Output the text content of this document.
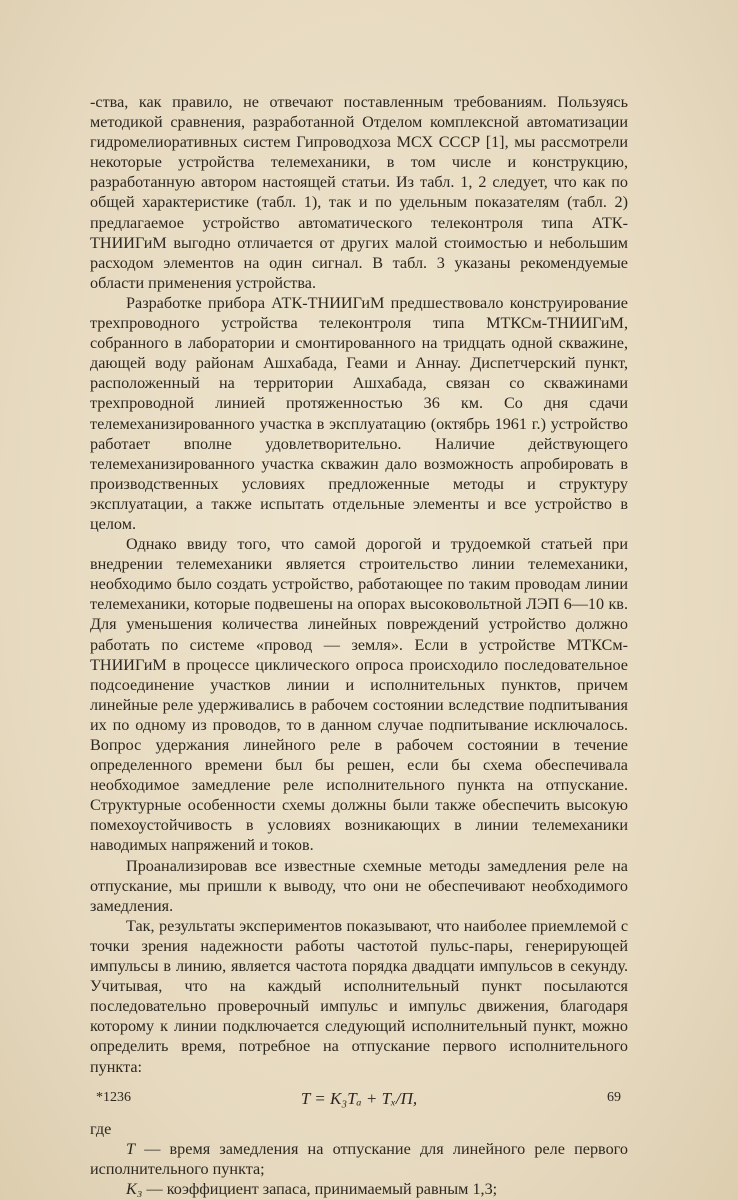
-ства, как правило, не отвечают поставленным требованиям. Пользуясь методикой сравнения, разработанной Отделом комплексной автоматизации гидромелиоративных систем Гипроводхоза МСХ СССР [1], мы рассмотрели некоторые устройства телемеханики, в том числе и конструкцию, разработанную автором настоящей статьи. Из табл. 1, 2 следует, что как по общей характеристике (табл. 1), так и по удельным показателям (табл. 2) предлагаемое устройство автоматического телеконтроля типа АТК-ТНИИГиМ выгодно отличается от других малой стоимостью и небольшим расходом элементов на один сигнал. В табл. 3 указаны рекомендуемые области применения устройства.

Разработке прибора АТК-ТНИИГиМ предшествовало конструирование трехпроводного устройства телеконтроля типа МТКСм-ТНИИГиМ, собранного в лаборатории и смонтированного на тридцать одной скважине, дающей воду районам Ашхабада, Геами и Аннау. Диспетчерский пункт, расположенный на территории Ашхабада, связан со скважинами трехпроводной линией протяженностью 36 км. Со дня сдачи телемеханизированного участка в эксплуатацию (октябрь 1961 г.) устройство работает вполне удовлетворительно. Наличие действующего телемеханизированного участка скважин дало возможность апробировать в производственных условиях предложенные методы и структуру эксплуатации, а также испытать отдельные элементы и все устройство в целом.

Однако ввиду того, что самой дорогой и трудоемкой статьей при внедрении телемеханики является строительство линии телемеханики, необходимо было создать устройство, работающее по таким проводам линии телемеханики, которые подвешены на опорах высоковольтной ЛЭП 6—10 кв. Для уменьшения количества линейных повреждений устройство должно работать по системе «провод — земля». Если в устройстве МТКСм-ТНИИГиМ в процессе циклического опроса происходило последовательное подсоединение участков линии и исполнительных пунктов, причем линейные реле удерживались в рабочем состоянии вследствие подпитывания их по одному из проводов, то в данном случае подпитывание исключалось. Вопрос удержания линейного реле в рабочем состоянии в течение определенного времени был бы решен, если бы схема обеспечивала необходимое замедление реле исполнительного пункта на отпускание. Структурные особенности схемы должны были также обеспечить высокую помехоустойчивость в условиях возникающих в линии телемеханики наводимых напряжений и токов.

Проанализировав все известные схемные методы замедления реле на отпускание, мы пришли к выводу, что они не обеспечивают необходимого замедления.

Так, результаты экспериментов показывают, что наиболее приемлемой с точки зрения надежности работы частотой пульс-пары, генерирующей импульсы в линию, является частота порядка двадцати импульсов в секунду. Учитывая, что на каждый исполнительный пункт посылаются последовательно проверочный импульс и импульс движения, благодаря которому к линии подключается следующий исполнительный пункт, можно определить время, потребное на отпускание первого исполнительного пункта:

T = K₃Tₐ + Tₓ/П,

где

T — время замедления на отпускание для линейного реле первого исполнительного пункта;

K₃ — коэффициент запаса, принимаемый равным 1,3;

*1236	69
